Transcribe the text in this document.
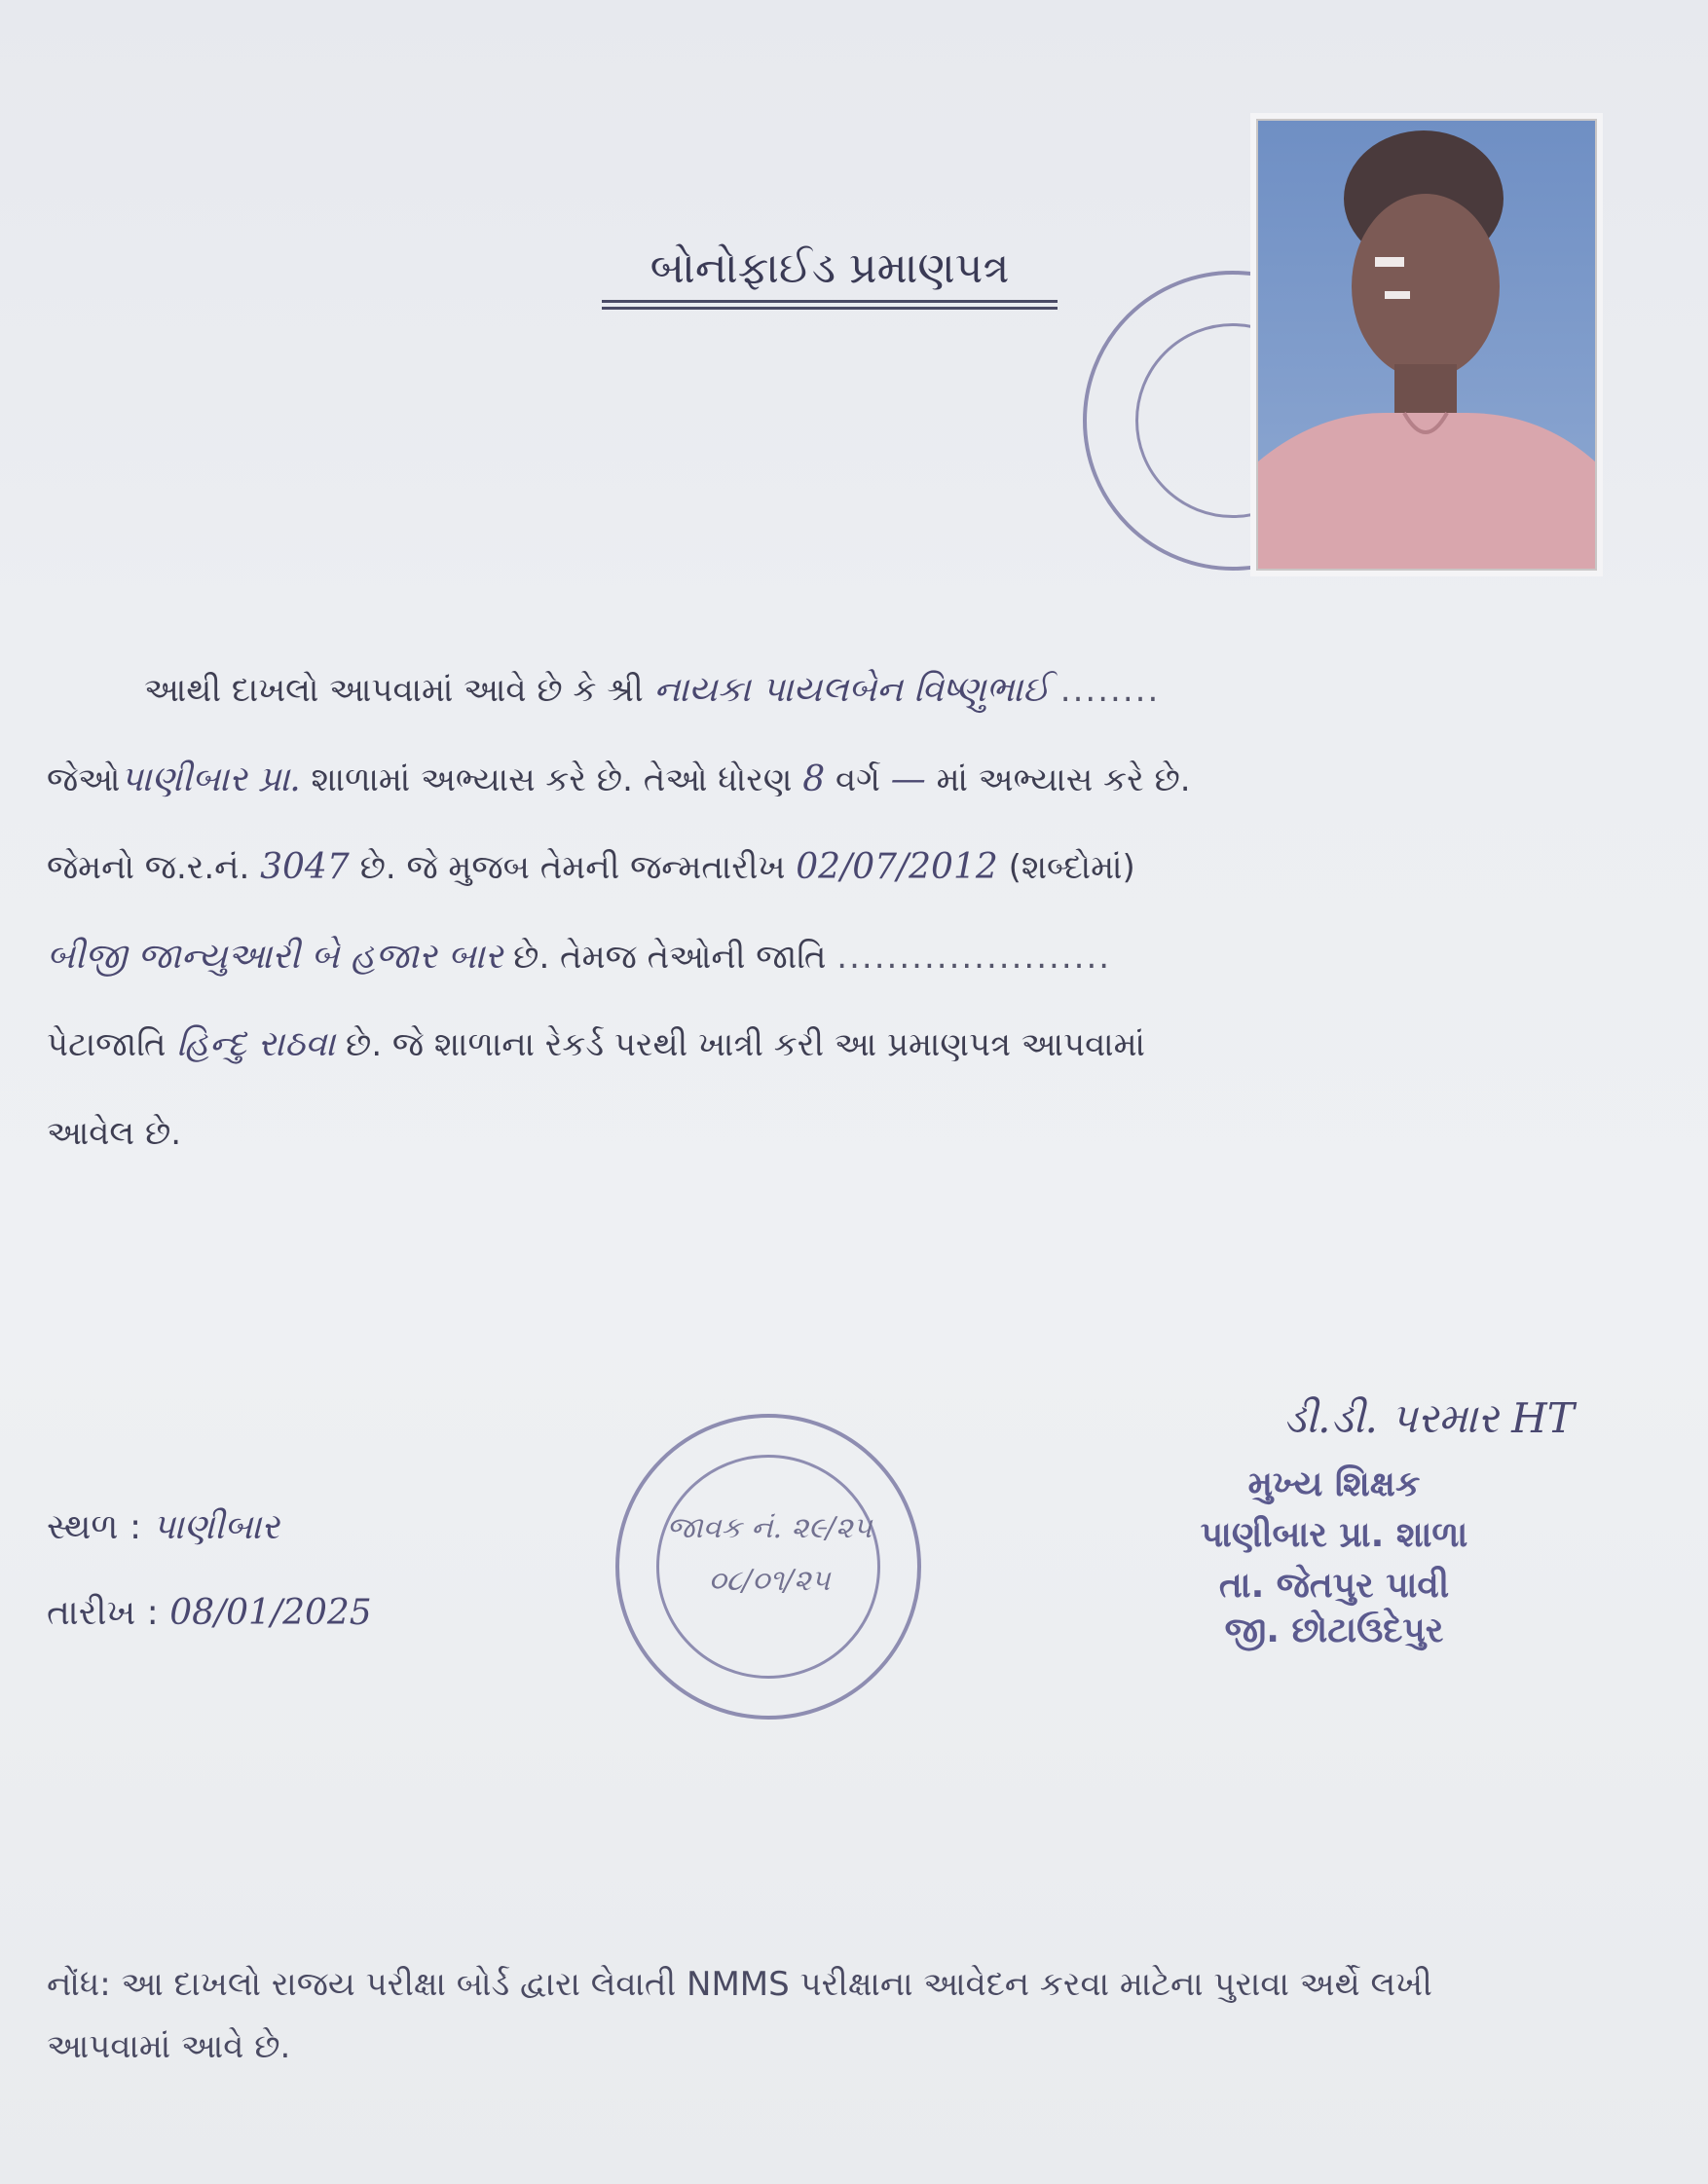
બોનોફાઈડ પ્રમાણપત્ર
આથી દાખલો આપવામાં આવે છે કે શ્રી નાયકા પાયલબેન વિષ્ણુભાઈ ........
જેઓપાણીબાર પ્રા. શાળામાં અભ્યાસ કરે છે. તેઓ ધોરણ 8 વર્ગ — માં અભ્યાસ કરે છે.
જેમનો જ.ર.નં. 3047 છે. જે મુજબ તેમની જન્મતારીખ 02/07/2012 (શબ્દોમાં)
બીજી જાન્યુઆરી બે હજાર બાર છે. તેમજ તેઓની જાતિ ......................
પેટાજાતિ હિન્દુ રાઠવા છે. જે શાળાના રેકર્ડ પરથી ખાત્રી કરી આ પ્રમાણપત્ર આપવામાં
આવેલ છે.
જાવક નં. ૨૯/૨૫
૦૮/૦૧/૨૫
સ્થળ : પાણીબાર
તારીખ : 08/01/2025
ડી.ડી. પરમાર HT
મુખ્ય શિક્ષક
પાણીબાર પ્રા. શાળા
તા. જેતપુર પાવી
જી. છોટાઉદેપુર
નોંધ: આ દાખલો રાજય પરીક્ષા બોર્ડ દ્વારા લેવાતી NMMS પરીક્ષાના આવેદન કરવા માટેના પુરાવા અર્થે લખી
આપવામાં આવે છે.
